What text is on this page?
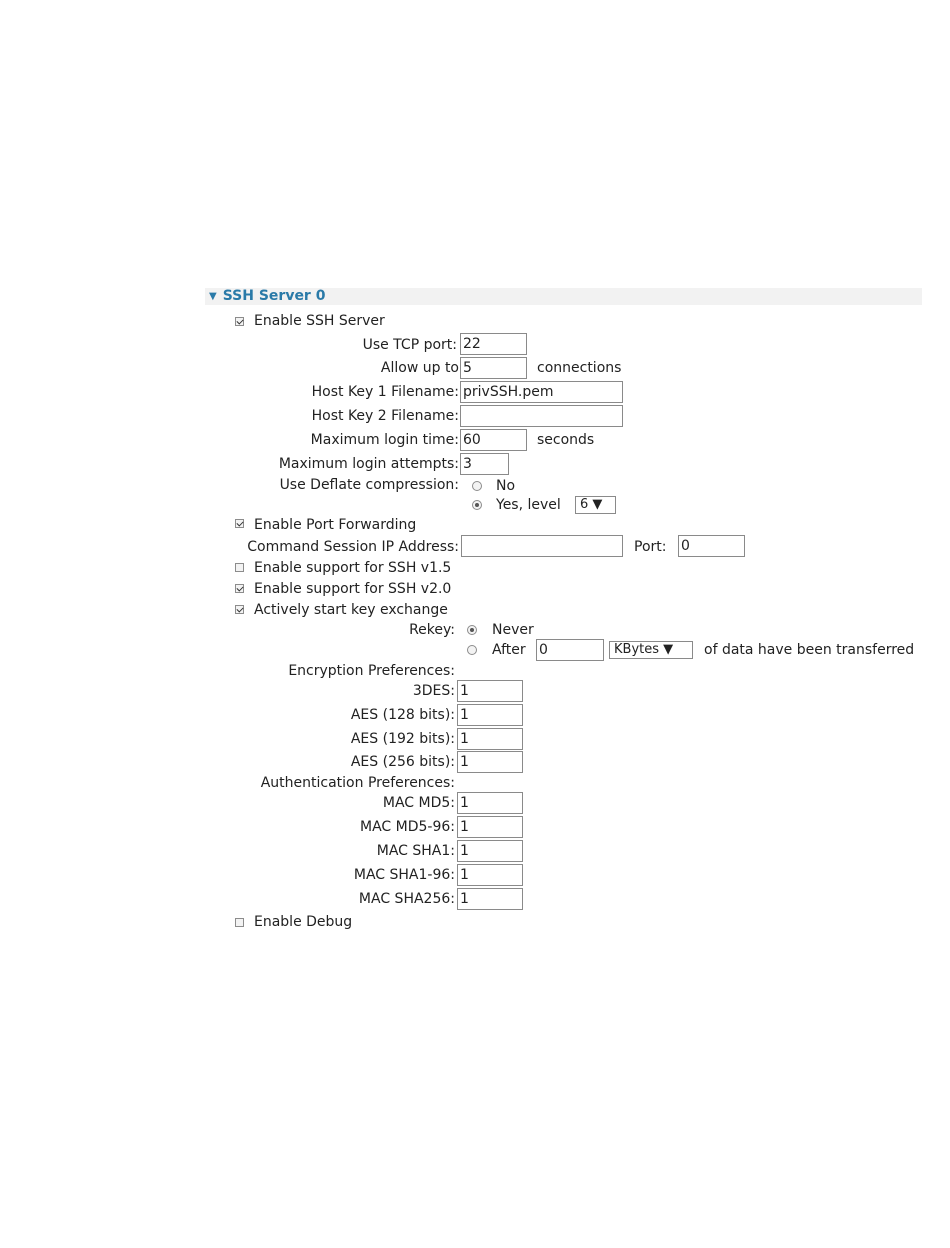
▼ SSH Server 0
Enable SSH Server
Use TCP port:
22
Allow up to
5	connections
Host Key 1 Filename:
privSSH.pem
Host Key 2 Filename:
Maximum login time:
60	seconds
Maximum login attempts:
3
Use Deflate compression:	No
Yes, level	6 ▼
Enable Port Forwarding
Command Session IP Address:	Port:
0
Enable support for SSH v1.5
Enable support for SSH v2.0
Actively start key exchange
Rekey:	Never
After
0	KBytes ▼	of data have been transferred
Encryption Preferences:
3DES:
1
AES (128 bits):
1
AES (192 bits):
1
AES (256 bits):
1
Authentication Preferences:
MAC MD5:
1
MAC MD5-96:
1
MAC SHA1:
1
MAC SHA1-96:
1
MAC SHA256:
1
Enable Debug
